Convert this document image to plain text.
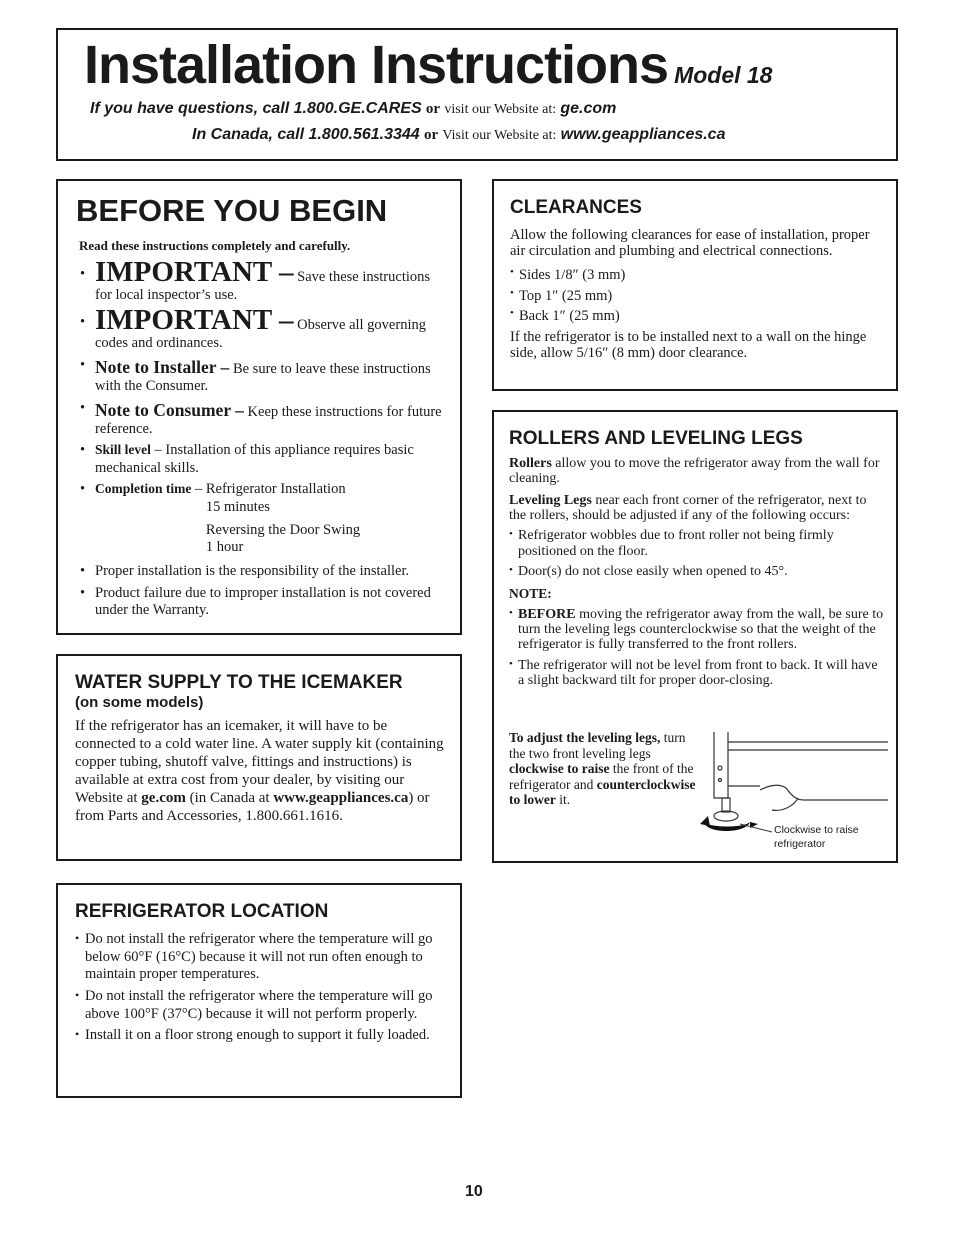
Installation Instructions Model 18
If you have questions, call 1.800.GE.CARES or visit our Website at: ge.com
In Canada, call 1.800.561.3344 or Visit our Website at: www.geappliances.ca
BEFORE YOU BEGIN

Read these instructions completely and carefully.

• IMPORTANT – Save these instructions for local inspector’s use.
• IMPORTANT – Observe all governing codes and ordinances.
• Note to Installer – Be sure to leave these instructions with the Consumer.
• Note to Consumer – Keep these instructions for future reference.
• Skill level – Installation of this appliance requires basic mechanical skills.
• Completion time – Refrigerator Installation
15 minutes
Reversing the Door Swing
1 hour
• Proper installation is the responsibility of the installer.
• Product failure due to improper installation is not covered under the Warranty.
WATER SUPPLY TO THE ICEMAKER
(on some models)

If the refrigerator has an icemaker, it will have to be connected to a cold water line. A water supply kit (containing copper tubing, shutoff valve, fittings and instructions) is available at extra cost from your dealer, by visiting our Website at ge.com (in Canada at www.geappliances.ca) or from Parts and Accessories, 1.800.661.1616.

REFRIGERATOR LOCATION
• Do not install the refrigerator where the temperature will go below 60°F (16°C) because it will not run often enough to maintain proper temperatures.
• Do not install the refrigerator where the temperature will go above 100°F (37°C) because it will not perform properly.
• Install it on a floor strong enough to support it fully loaded.
CLEARANCES

Allow the following clearances for ease of installation, proper air circulation and plumbing and electrical connections.

• Sides 1/8″ (3 mm)
• Top 1″ (25 mm)
• Back 1″ (25 mm)

If the refrigerator is to be installed next to a wall on the hinge side, allow 5/16″ (8 mm) door clearance.

ROLLERS AND LEVELING LEGS

Rollers allow you to move the refrigerator away from the wall for cleaning.

Leveling Legs near each front corner of the refrigerator, next to the rollers, should be adjusted if any of the following occurs:

• Refrigerator wobbles due to front roller not being firmly positioned on the floor.
• Door(s) do not close easily when opened to 45°.
NOTE:
• BEFORE moving the refrigerator away from the wall, be sure to turn the leveling legs counterclockwise so that the weight of the refrigerator is fully transferred to the front rollers.
• The refrigerator will not be level from front to back. It will have a slight backward tilt for proper door-closing.
To adjust the leveling legs, turn the two front leveling legs clockwise to raise the front of the refrigerator and counterclockwise to lower it.
Clockwise to raise
refrigerator
10
